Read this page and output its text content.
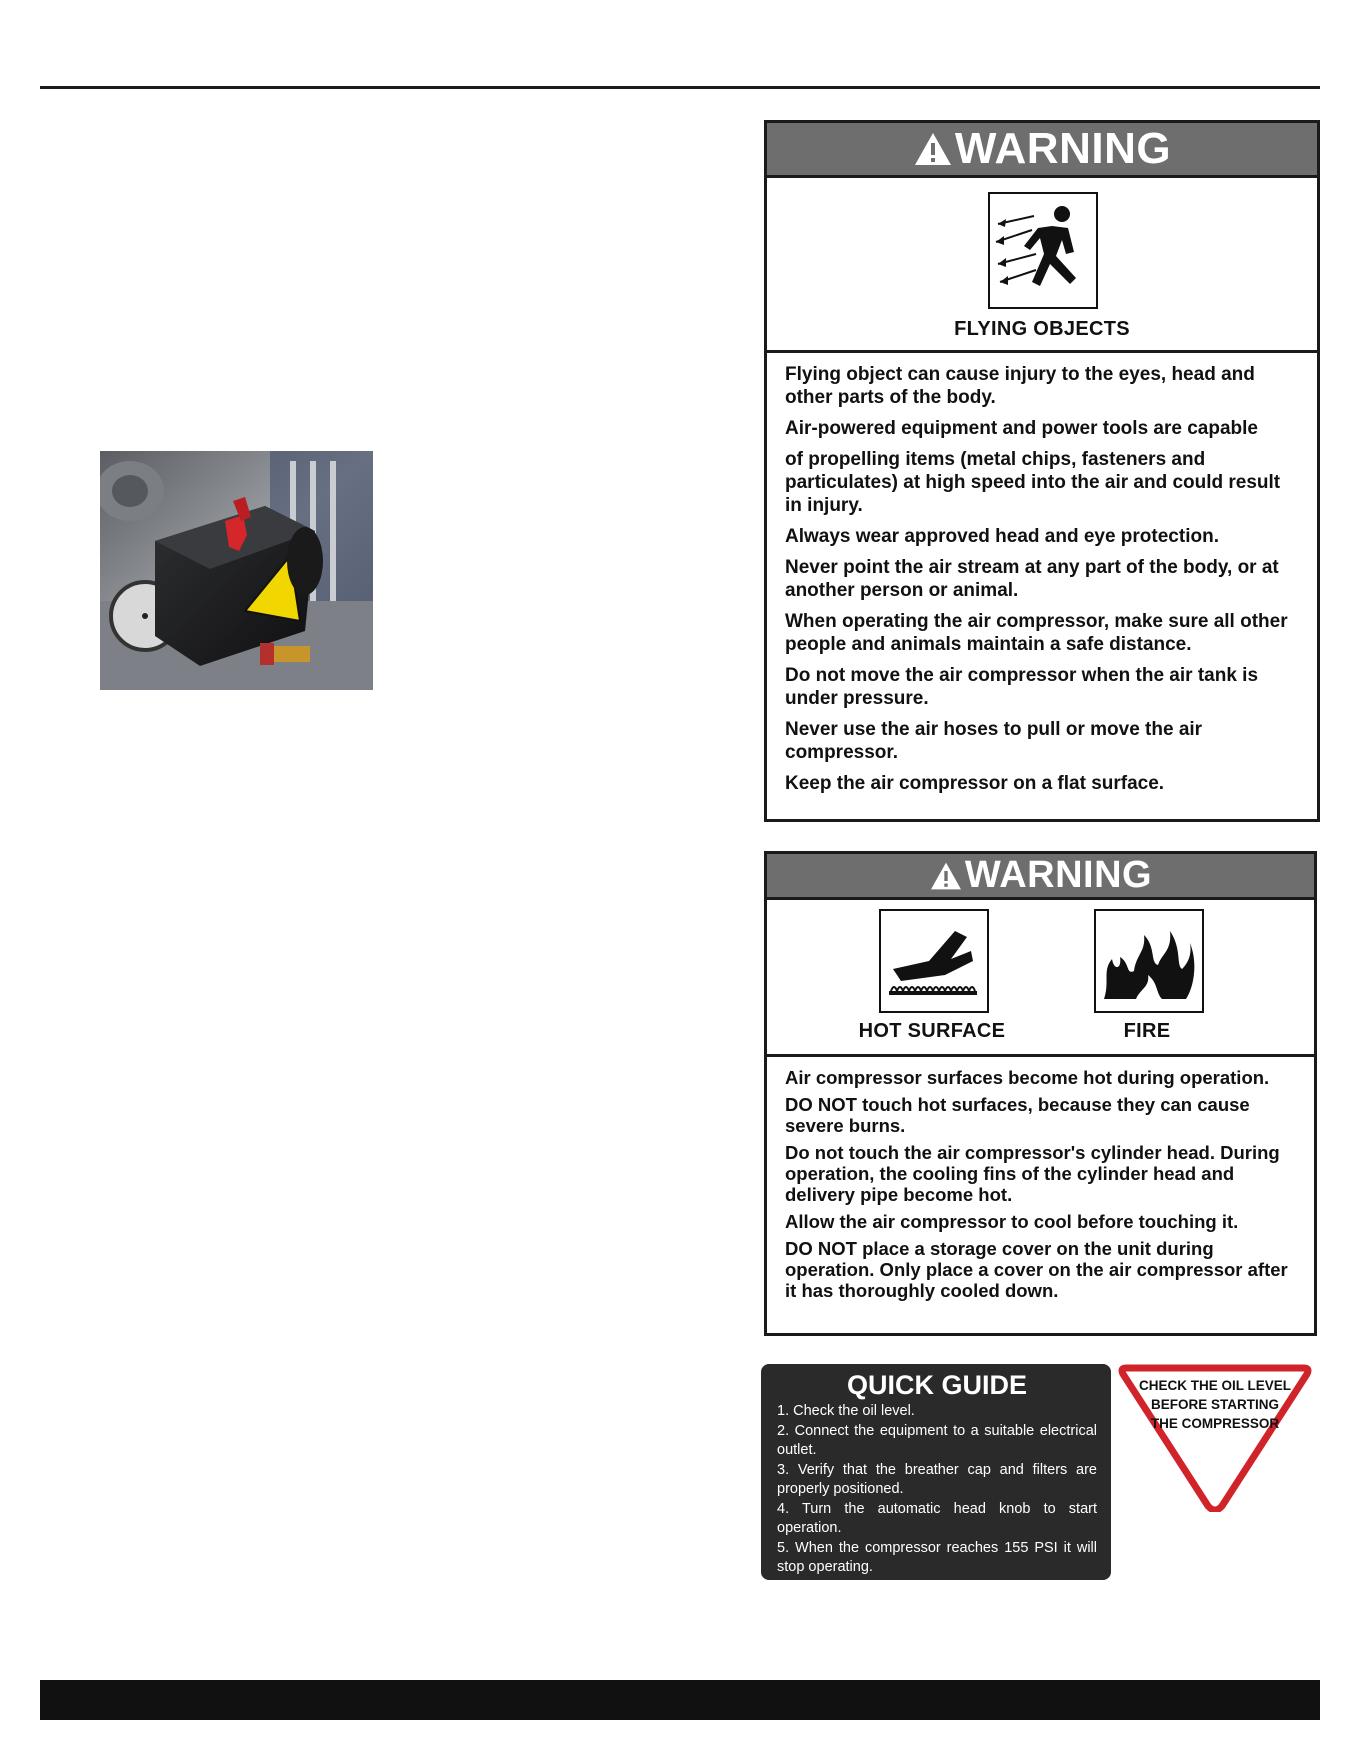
WARNING
FLYING OBJECTS

Flying object can cause injury to the eyes, head and other parts of the body.

Air-powered equipment and power tools are capable

of propelling items (metal chips, fasteners and particulates) at high speed into the air and could result in injury.

Always wear approved head and eye protection.

Never point the air stream at any part of the body, or at another person or animal.

When operating the air compressor, make sure all other people and animals maintain a safe distance.

Do not move the air compressor when the air tank is under pressure.

Never use the air hoses to pull or move the air compressor.

Keep the air compressor on a flat surface.

WARNING
HOT SURFACE	FIRE

Air compressor surfaces become hot during operation.

DO NOT touch hot surfaces, because they can cause severe burns.

Do not touch the air compressor's cylinder head. During operation, the cooling fins of the cylinder head and delivery pipe become hot.

Allow the air compressor to cool before touching it.

DO NOT place a storage cover on the unit during operation. Only place a cover on the air compressor after it has thoroughly cooled down.

QUICK GUIDE
1. Check the oil level.
2. Connect the equipment to a suitable electrical outlet.
3. Verify that the breather cap and filters are properly positioned.
4. Turn the automatic head knob to start operation.
5. When the compressor reaches 155 PSI it will stop operating.
CHECK THE OIL LEVEL
BEFORE STARTING
THE COMPRESSOR
